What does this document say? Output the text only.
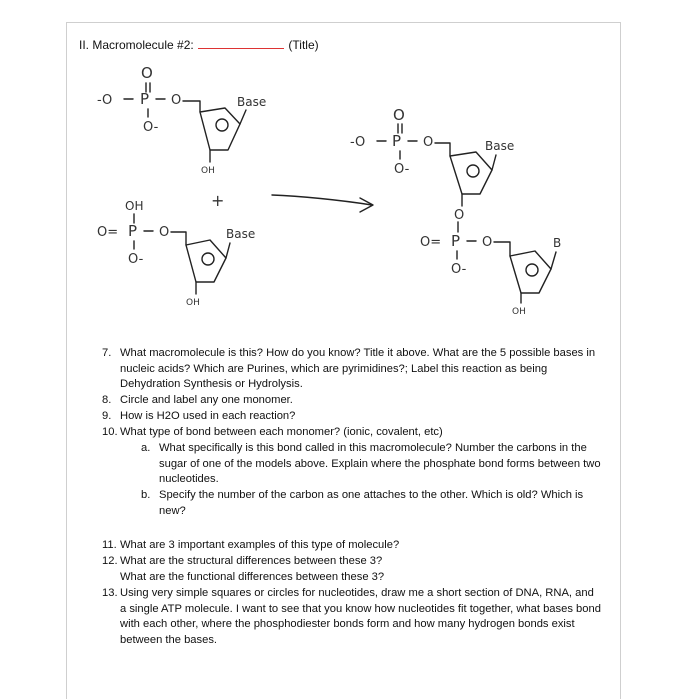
II. Macromolecule #2:	(Title)
O
-O P O
O-
Base
OH
+
OH
O= P O
O-
Base
OH
O
-O P O
O-
Base
O
O= P O
O-
B
OH
7. What macromolecule is this? How do you know? Title it above. What are the 5 possible bases in nucleic acids? Which are Purines, which are pyrimidines?; Label this reaction as being Dehydration Synthesis or Hydrolysis.
8. Circle and label any one monomer.
9. How is H2O used in each reaction?
10. What type of bond between each monomer? (ionic, covalent, etc)
a. What specifically is this bond called in this macromolecule? Number the carbons in the sugar of one of the models above. Explain where the phosphate bond forms between two nucleotides.
b. Specify the number of the carbon as one attaches to the other. Which is old? Which is new?
11. What are 3 important examples of this type of molecule?
12. What are the structural differences between these 3?
What are the functional differences between these 3?
13. Using very simple squares or circles for nucleotides, draw me a short section of DNA, RNA, and a single ATP molecule. I want to see that you know how nucleotides fit together, what bases bond with each other, where the phosphodiester bonds form and how many hydrogen bonds exist between the bases.
